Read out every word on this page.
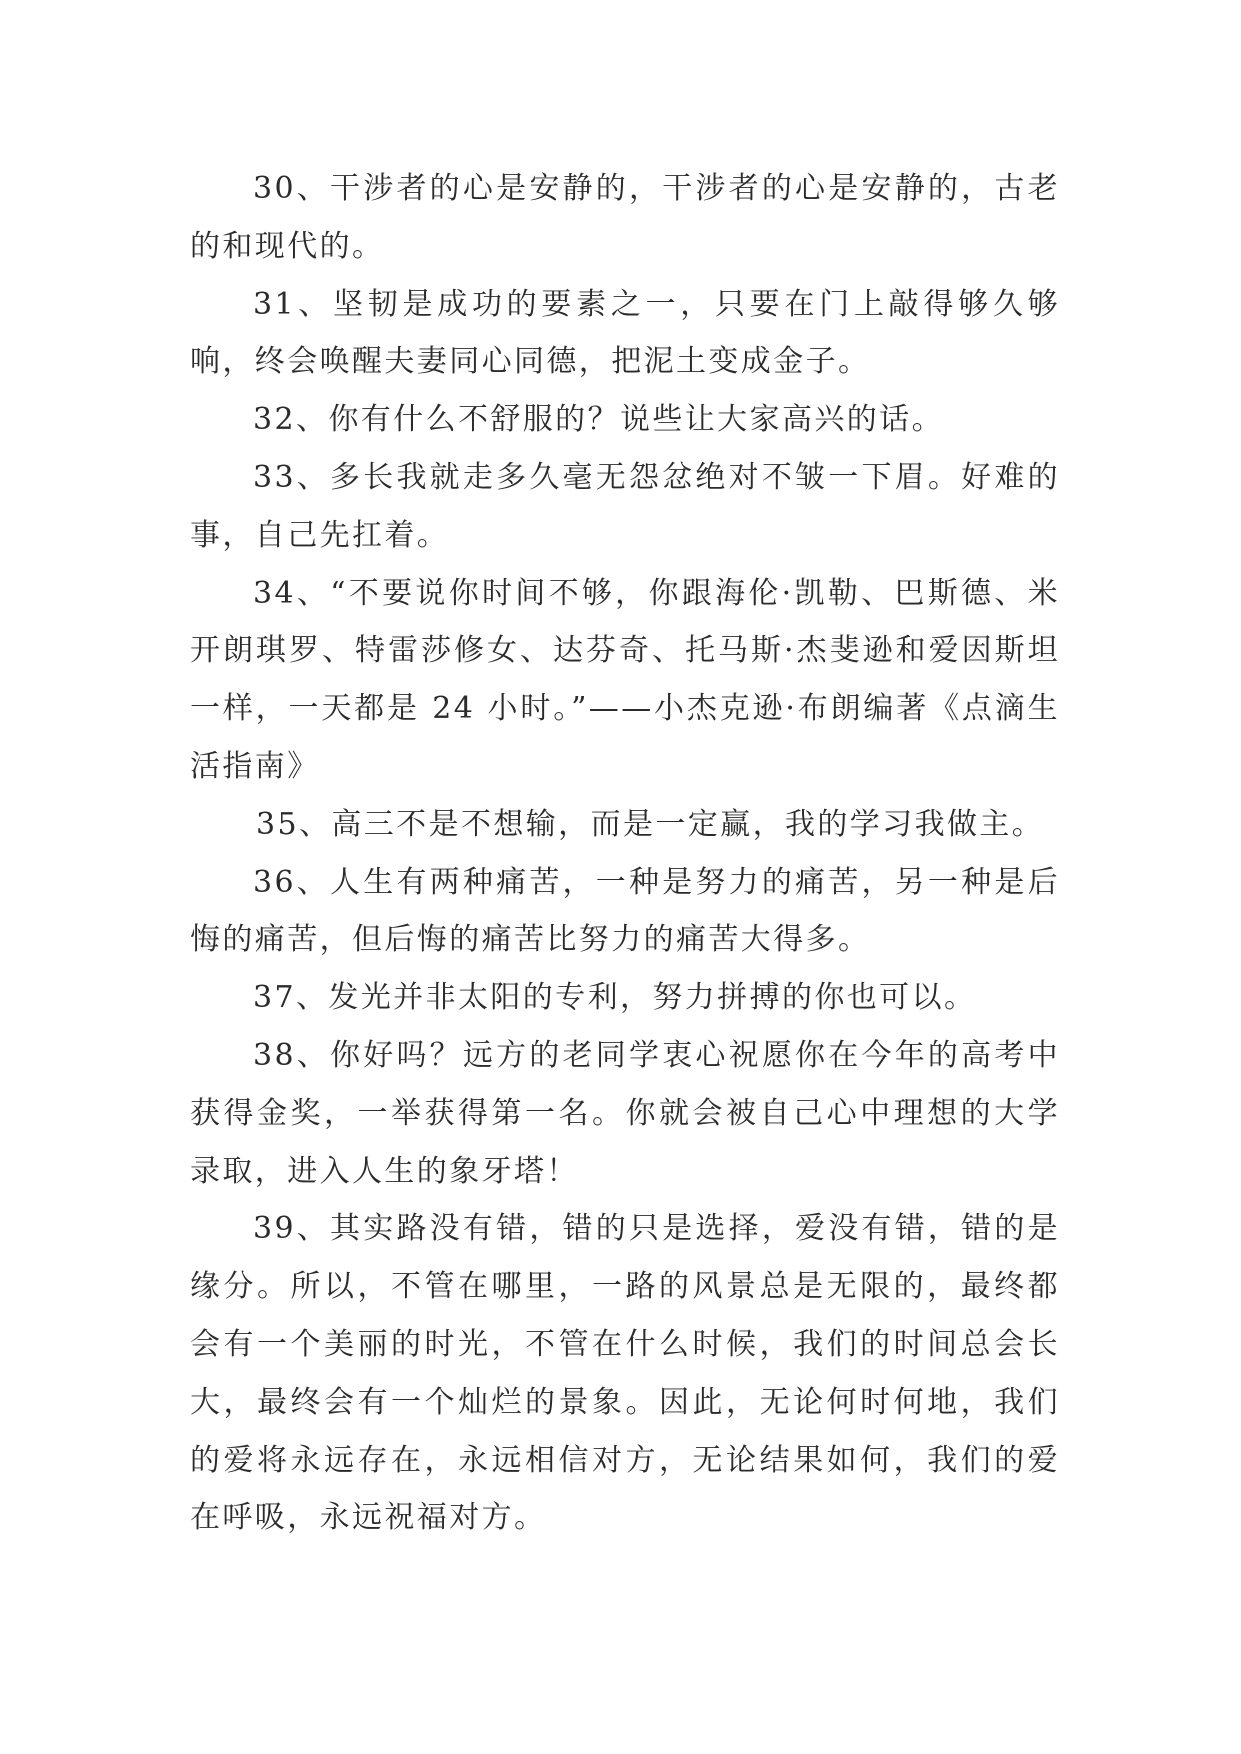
30、干涉者的心是安静的，干涉者的心是安静的，古老的和现代的。

31、坚韧是成功的要素之一，只要在门上敲得够久够响，终会唤醒夫妻同心同德，把泥土变成金子。

32、你有什么不舒服的？说些让大家高兴的话。

33、多长我就走多久毫无怨忿绝对不皱一下眉。好难的事，自己先扛着。

34、“不要说你时间不够，你跟海伦·凯勒、巴斯德、米开朗琪罗、特雷莎修女、达芬奇、托马斯·杰斐逊和爱因斯坦一样，一天都是 24 小时。”——小杰克逊·布朗编著《点滴生活指南》

35、高三不是不想输，而是一定赢，我的学习我做主。

36、人生有两种痛苦，一种是努力的痛苦，另一种是后悔的痛苦，但后悔的痛苦比努力的痛苦大得多。

37、发光并非太阳的专利，努力拼搏的你也可以。

38、你好吗？远方的老同学衷心祝愿你在今年的高考中获得金奖，一举获得第一名。你就会被自己心中理想的大学录取，进入人生的象牙塔！

39、其实路没有错，错的只是选择，爱没有错，错的是缘分。所以，不管在哪里，一路的风景总是无限的，最终都会有一个美丽的时光，不管在什么时候，我们的时间总会长大，最终会有一个灿烂的景象。因此，无论何时何地，我们的爱将永远存在，永远相信对方，无论结果如何，我们的爱在呼吸，永远祝福对方。
